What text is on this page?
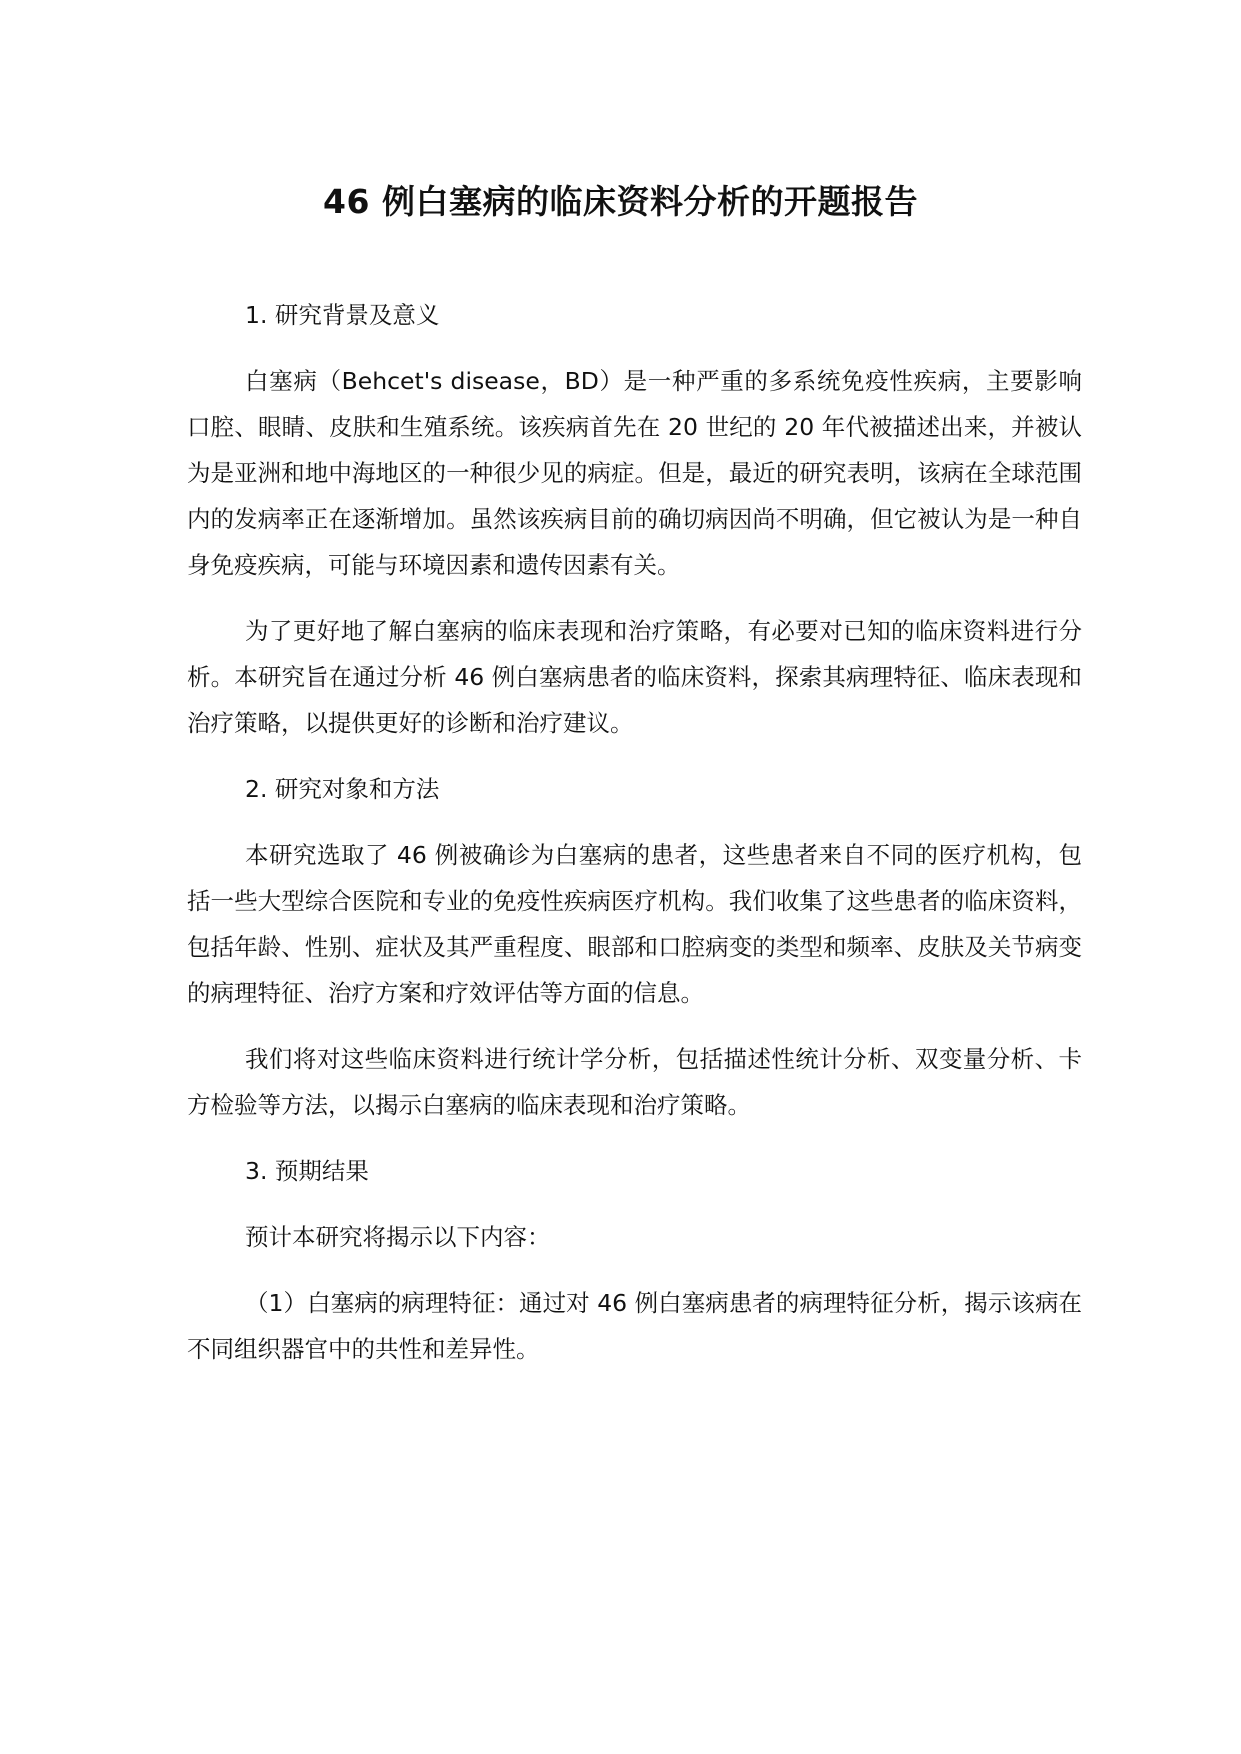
46 例白塞病的临床资料分析的开题报告

1. 研究背景及意义

白塞病（Behcet's disease，BD）是一种严重的多系统免疫性疾病，主要影响口腔、眼睛、皮肤和生殖系统。该疾病首先在 20 世纪的 20 年代被描述出来，并被认为是亚洲和地中海地区的一种很少见的病症。但是，最近的研究表明，该病在全球范围内的发病率正在逐渐增加。虽然该疾病目前的确切病因尚不明确，但它被认为是一种自身免疫疾病，可能与环境因素和遗传因素有关。

为了更好地了解白塞病的临床表现和治疗策略，有必要对已知的临床资料进行分析。本研究旨在通过分析 46 例白塞病患者的临床资料，探索其病理特征、临床表现和治疗策略，以提供更好的诊断和治疗建议。

2. 研究对象和方法

本研究选取了 46 例被确诊为白塞病的患者，这些患者来自不同的医疗机构，包括一些大型综合医院和专业的免疫性疾病医疗机构。我们收集了这些患者的临床资料，包括年龄、性别、症状及其严重程度、眼部和口腔病变的类型和频率、皮肤及关节病变的病理特征、治疗方案和疗效评估等方面的信息。

我们将对这些临床资料进行统计学分析，包括描述性统计分析、双变量分析、卡方检验等方法，以揭示白塞病的临床表现和治疗策略。

3. 预期结果

预计本研究将揭示以下内容：

（1）白塞病的病理特征：通过对 46 例白塞病患者的病理特征分析，揭示该病在不同组织器官中的共性和差异性。
